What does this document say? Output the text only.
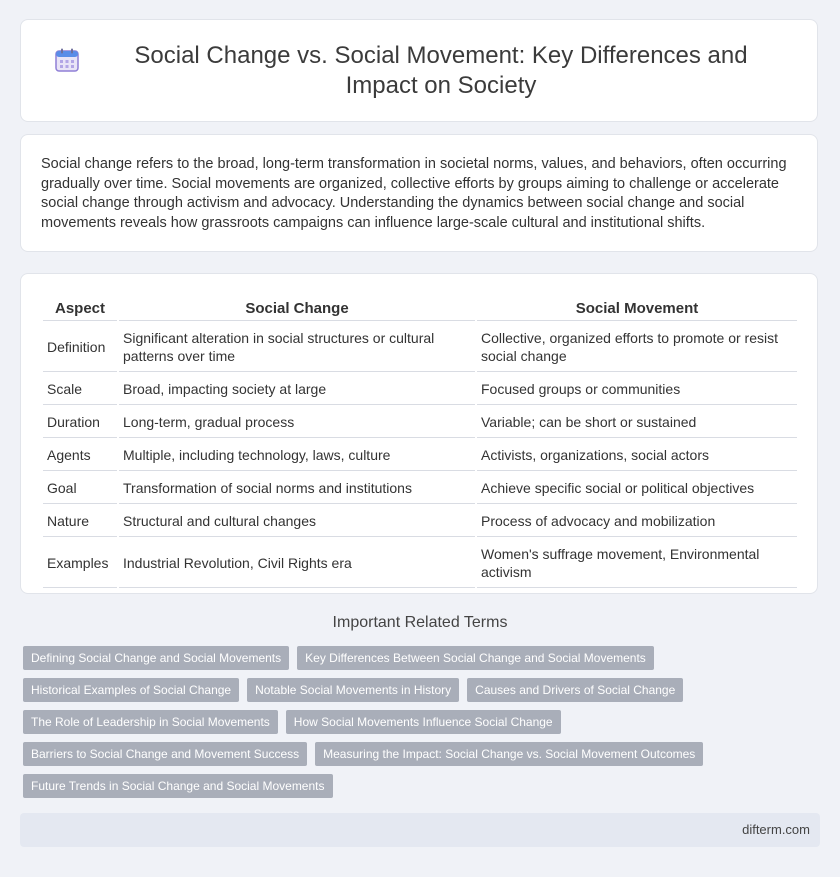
Social Change vs. Social Movement: Key Differences and Impact on Society

Social change refers to the broad, long-term transformation in societal norms, values, and behaviors, often occurring gradually over time. Social movements are organized, collective efforts by groups aiming to challenge or accelerate social change through activism and advocacy. Understanding the dynamics between social change and social movements reveals how grassroots campaigns can influence large-scale cultural and institutional shifts.

Aspect	Social Change	Social Movement
Definition	Significant alteration in social structures or cultural patterns over time	Collective, organized efforts to promote or resist social change
Scale	Broad, impacting society at large	Focused groups or communities
Duration	Long-term, gradual process	Variable; can be short or sustained
Agents	Multiple, including technology, laws, culture	Activists, organizations, social actors
Goal	Transformation of social norms and institutions	Achieve specific social or political objectives
Nature	Structural and cultural changes	Process of advocacy and mobilization
Examples	Industrial Revolution, Civil Rights era	Women's suffrage movement, Environmental activism
Important Related Terms
Defining Social Change and Social Movements	Key Differences Between Social Change and Social Movements
Historical Examples of Social Change	Notable Social Movements in History	Causes and Drivers of Social Change
The Role of Leadership in Social Movements	How Social Movements Influence Social Change
Barriers to Social Change and Movement Success	Measuring the Impact: Social Change vs. Social Movement Outcomes
Future Trends in Social Change and Social Movements
difterm.com
